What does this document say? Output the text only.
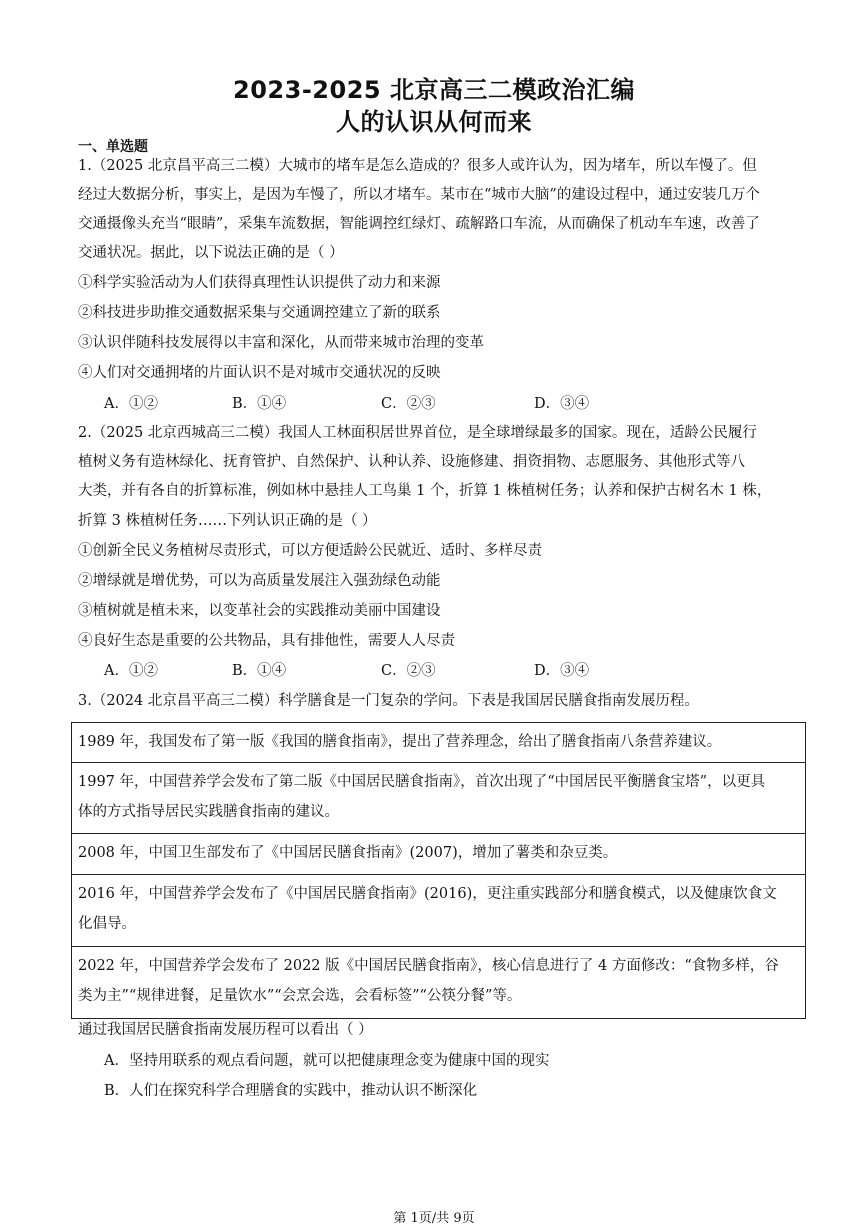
2023-2025 北京高三二模政治汇编
人的认识从何而来
一、单选题
1.（2025 北京昌平高三二模）大城市的堵车是怎么造成的？很多人或许认为，因为堵车，所以车慢了。但
经过大数据分析，事实上，是因为车慢了，所以才堵车。某市在“城市大脑”的建设过程中，通过安装几万个
交通摄像头充当“眼睛”，采集车流数据，智能调控红绿灯、疏解路口车流，从而确保了机动车车速，改善了
交通状况。据此，以下说法正确的是（ ）
①科学实验活动为人们获得真理性认识提供了动力和来源
②科技进步助推交通数据采集与交通调控建立了新的联系
③认识伴随科技发展得以丰富和深化，从而带来城市治理的变革
④人们对交通拥堵的片面认识不是对城市交通状况的反映
A．①②	B．①④	C．②③	D．③④
2.（2025 北京西城高三二模）我国人工林面积居世界首位，是全球增绿最多的国家。现在，适龄公民履行
植树义务有造林绿化、抚育管护、自然保护、认种认养、设施修建、捐资捐物、志愿服务、其他形式等八
大类，并有各自的折算标准，例如林中悬挂人工鸟巢 1 个，折算 1 株植树任务；认养和保护古树名木 1 株，
折算 3 株植树任务……下列认识正确的是（ ）
①创新全民义务植树尽责形式，可以方便适龄公民就近、适时、多样尽责
②增绿就是增优势，可以为高质量发展注入强劲绿色动能
③植树就是植未来，以变革社会的实践推动美丽中国建设
④良好生态是重要的公共物品，具有排他性，需要人人尽责
A．①②	B．①④	C．②③	D．③④
3.（2024 北京昌平高三二模）科学膳食是一门复杂的学问。下表是我国居民膳食指南发展历程。
1989 年，我国发布了第一版《我国的膳食指南》，提出了营养理念，给出了膳食指南八条营养建议。

1997 年，中国营养学会发布了第二版《中国居民膳食指南》，首次出现了“中国居民平衡膳食宝塔”，以更具
体的方式指导居民实践膳食指南的建议。

2008 年，中国卫生部发布了《中国居民膳食指南》(2007)，增加了薯类和杂豆类。

2016 年，中国营养学会发布了《中国居民膳食指南》(2016)，更注重实践部分和膳食模式，以及健康饮食文
化倡导。

2022 年，中国营养学会发布了 2022 版《中国居民膳食指南》，核心信息进行了 4 方面修改：“食物多样，谷
类为主”“规律进餐，足量饮水”“会烹会选，会看标签”“公筷分餐”等。
通过我国居民膳食指南发展历程可以看出（ ）
A．坚持用联系的观点看问题，就可以把健康理念变为健康中国的现实
B．人们在探究科学合理膳食的实践中，推动认识不断深化
第 1页/共 9页
